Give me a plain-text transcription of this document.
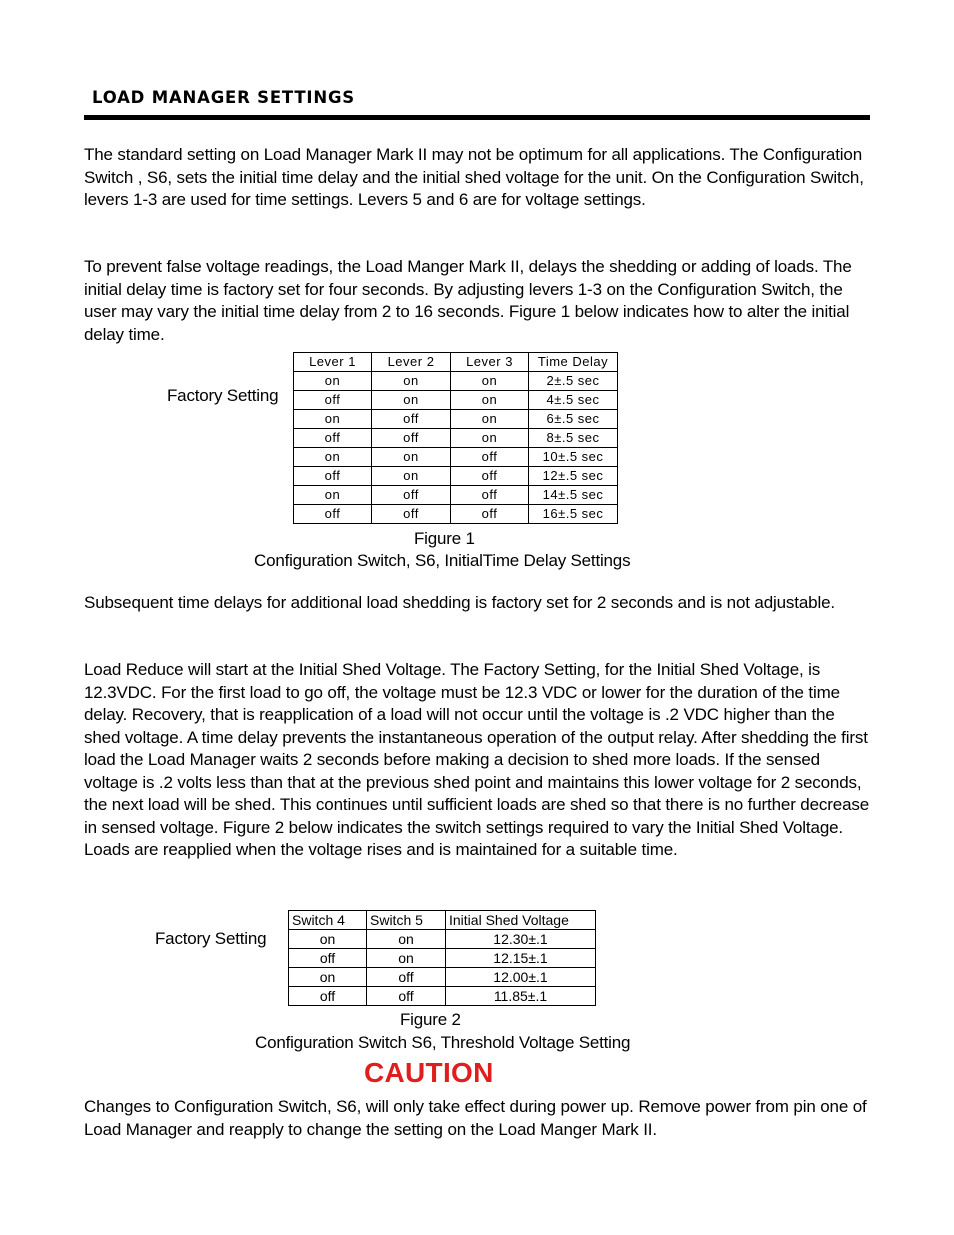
LOAD MANAGER SETTINGS

The standard setting on Load Manager Mark II may not be optimum for all applications. The Configuration Switch , S6, sets the initial time delay and the initial shed voltage for the unit. On the Configuration Switch, levers 1-3 are used for time settings. Levers 5 and 6 are for voltage settings.

To prevent false voltage readings, the Load Manger Mark II, delays the shedding or adding of loads. The initial delay time is factory set for four seconds. By adjusting levers 1-3 on the Configuration Switch, the user may vary the initial time delay from 2 to 16 seconds. Figure 1 below indicates how to alter the initial delay time.

Factory Setting
Lever 1	Lever 2	Lever 3	Time Delay
on	on	on	2±.5 sec
off	on	on	4±.5 sec
on	off	on	6±.5 sec
off	off	on	8±.5 sec
on	on	off	10±.5 sec
off	on	off	12±.5 sec
on	off	off	14±.5 sec
off	off	off	16±.5 sec
Figure 1
Configuration Switch, S6, InitialTime Delay Settings

Subsequent time delays for additional load shedding is factory set for 2 seconds and is not adjustable.

Load Reduce will start at the Initial Shed Voltage. The Factory Setting, for the Initial Shed Voltage, is 12.3VDC. For the first load to go off, the voltage must be 12.3 VDC or lower for the duration of the time delay. Recovery, that is reapplication of a load will not occur until the voltage is .2 VDC higher than the shed voltage. A time delay prevents the instantaneous operation of the output relay. After shedding the first load the Load Manager waits 2 seconds before making a decision to shed more loads. If the sensed voltage is .2 volts less than that at the previous shed point and maintains this lower voltage for 2 seconds, the next load will be shed. This continues until sufficient loads are shed so that there is no further decrease in sensed voltage. Figure 2 below indicates the switch settings required to vary the Initial Shed Voltage. Loads are reapplied when the voltage rises and is maintained for a suitable time.

Factory Setting
Switch 4	Switch 5	Initial Shed Voltage
on	on	12.30±.1
off	on	12.15±.1
on	off	12.00±.1
off	off	11.85±.1
Figure 2
Configuration Switch S6, Threshold Voltage Setting
CAUTION

Changes to Configuration Switch, S6, will only take effect during power up. Remove power from pin one of Load Manager and reapply to change the setting on the Load Manger Mark II.
